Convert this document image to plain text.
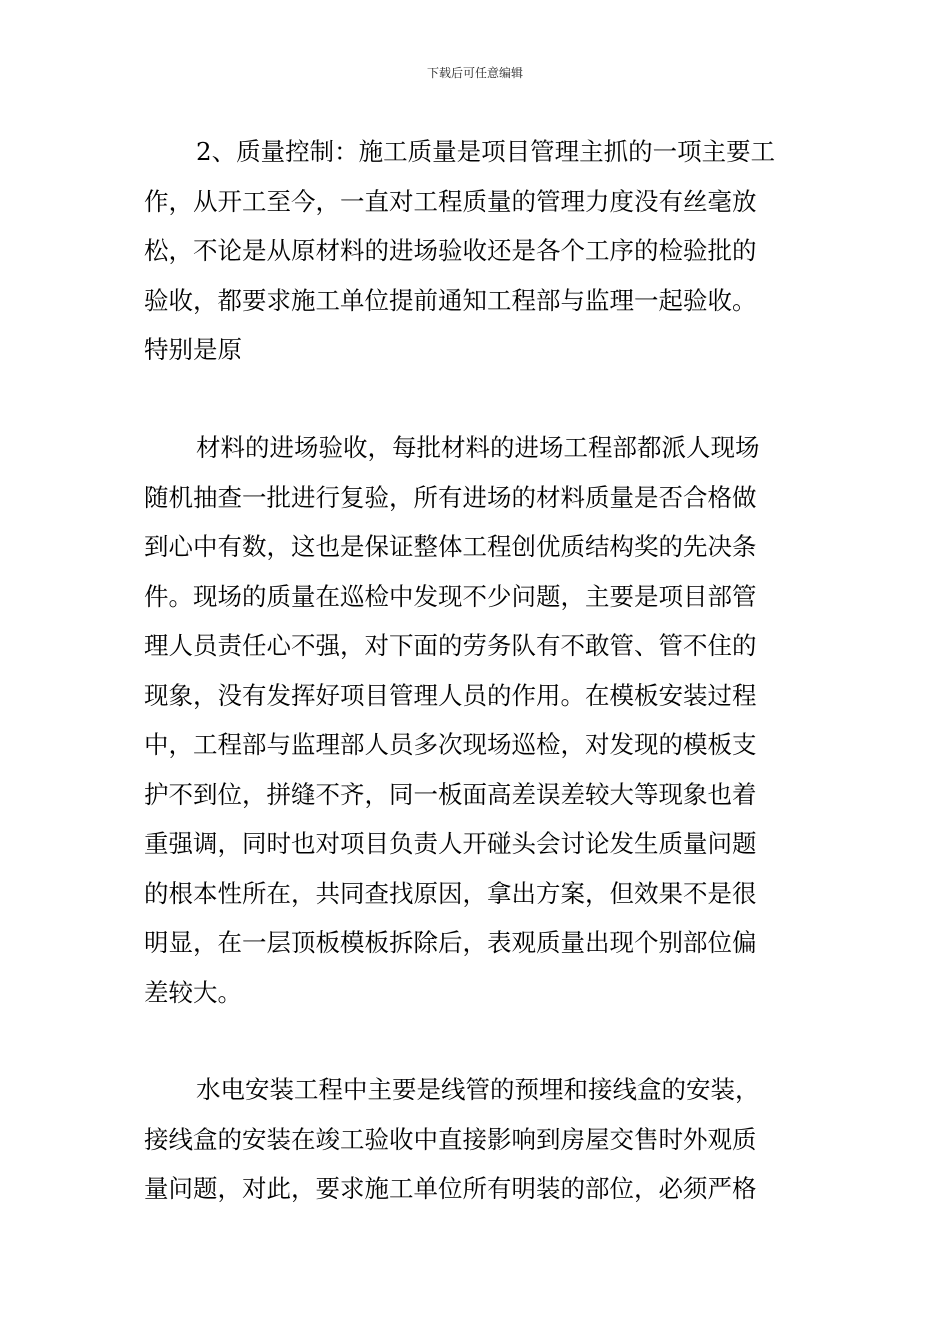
下载后可任意编辑

2、质量控制：施工质量是项目管理主抓的一项主要工
作，从开工至今，一直对工程质量的管理力度没有丝毫放
松，不论是从原材料的进场验收还是各个工序的检验批的
验收，都要求施工单位提前通知工程部与监理一起验收。
特别是原

材料的进场验收，每批材料的进场工程部都派人现场
随机抽查一批进行复验，所有进场的材料质量是否合格做
到心中有数，这也是保证整体工程创优质结构奖的先决条
件。现场的质量在巡检中发现不少问题，主要是项目部管
理人员责任心不强，对下面的劳务队有不敢管、管不住的
现象，没有发挥好项目管理人员的作用。在模板安装过程
中，工程部与监理部人员多次现场巡检，对发现的模板支
护不到位，拼缝不齐，同一板面高差误差较大等现象也着
重强调，同时也对项目负责人开碰头会讨论发生质量问题
的根本性所在，共同查找原因，拿出方案，但效果不是很
明显，在一层顶板模板拆除后，表观质量出现个别部位偏
差较大。

水电安装工程中主要是线管的预埋和接线盒的安装，
接线盒的安装在竣工验收中直接影响到房屋交售时外观质
量问题，对此，要求施工单位所有明装的部位，必须严格
